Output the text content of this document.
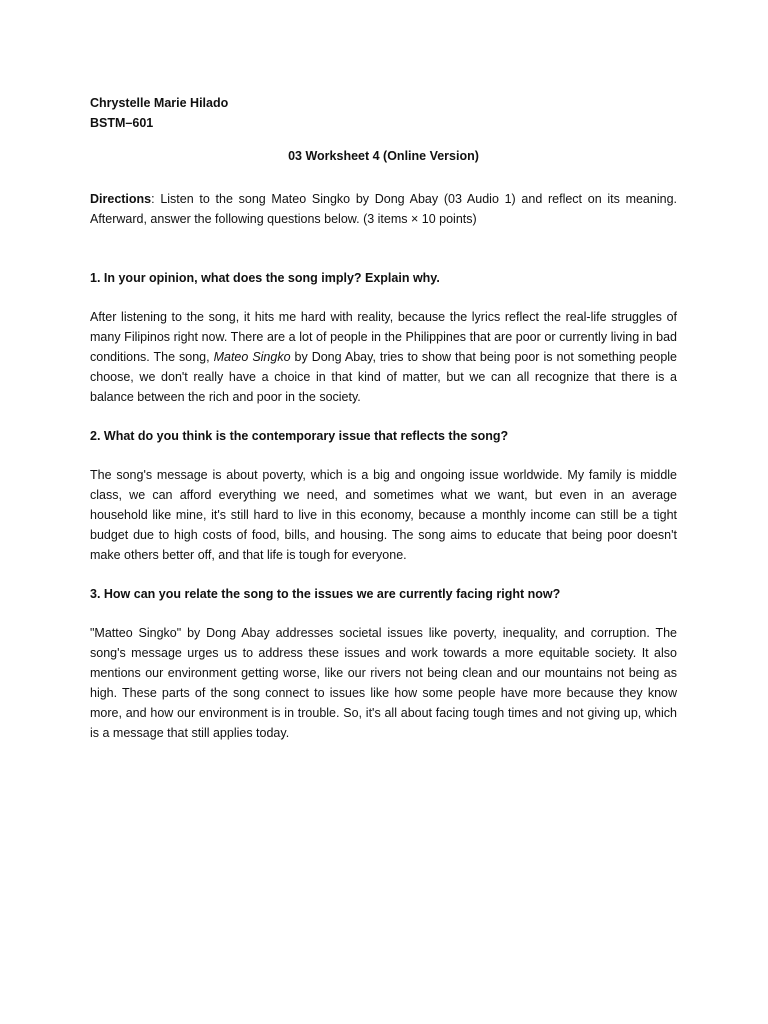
Chrystelle Marie Hilado
BSTM–601
03 Worksheet 4 (Online Version)
Directions: Listen to the song Mateo Singko by Dong Abay (03 Audio 1) and reflect on its meaning. Afterward, answer the following questions below. (3 items × 10 points)
1. In your opinion, what does the song imply? Explain why.
After listening to the song, it hits me hard with reality, because the lyrics reflect the real-life struggles of many Filipinos right now. There are a lot of people in the Philippines that are poor or currently living in bad conditions. The song, Mateo Singko by Dong Abay, tries to show that being poor is not something people choose, we don't really have a choice in that kind of matter, but we can all recognize that there is a balance between the rich and poor in the society.
2. What do you think is the contemporary issue that reflects the song?
The song's message is about poverty, which is a big and ongoing issue worldwide. My family is middle class, we can afford everything we need, and sometimes what we want, but even in an average household like mine, it's still hard to live in this economy, because a monthly income can still be a tight budget due to high costs of food, bills, and housing. The song aims to educate that being poor doesn't make others better off, and that life is tough for everyone.
3. How can you relate the song to the issues we are currently facing right now?
"Matteo Singko" by Dong Abay addresses societal issues like poverty, inequality, and corruption. The song's message urges us to address these issues and work towards a more equitable society. It also mentions our environment getting worse, like our rivers not being clean and our mountains not being as high. These parts of the song connect to issues like how some people have more because they know more, and how our environment is in trouble. So, it's all about facing tough times and not giving up, which is a message that still applies today.
